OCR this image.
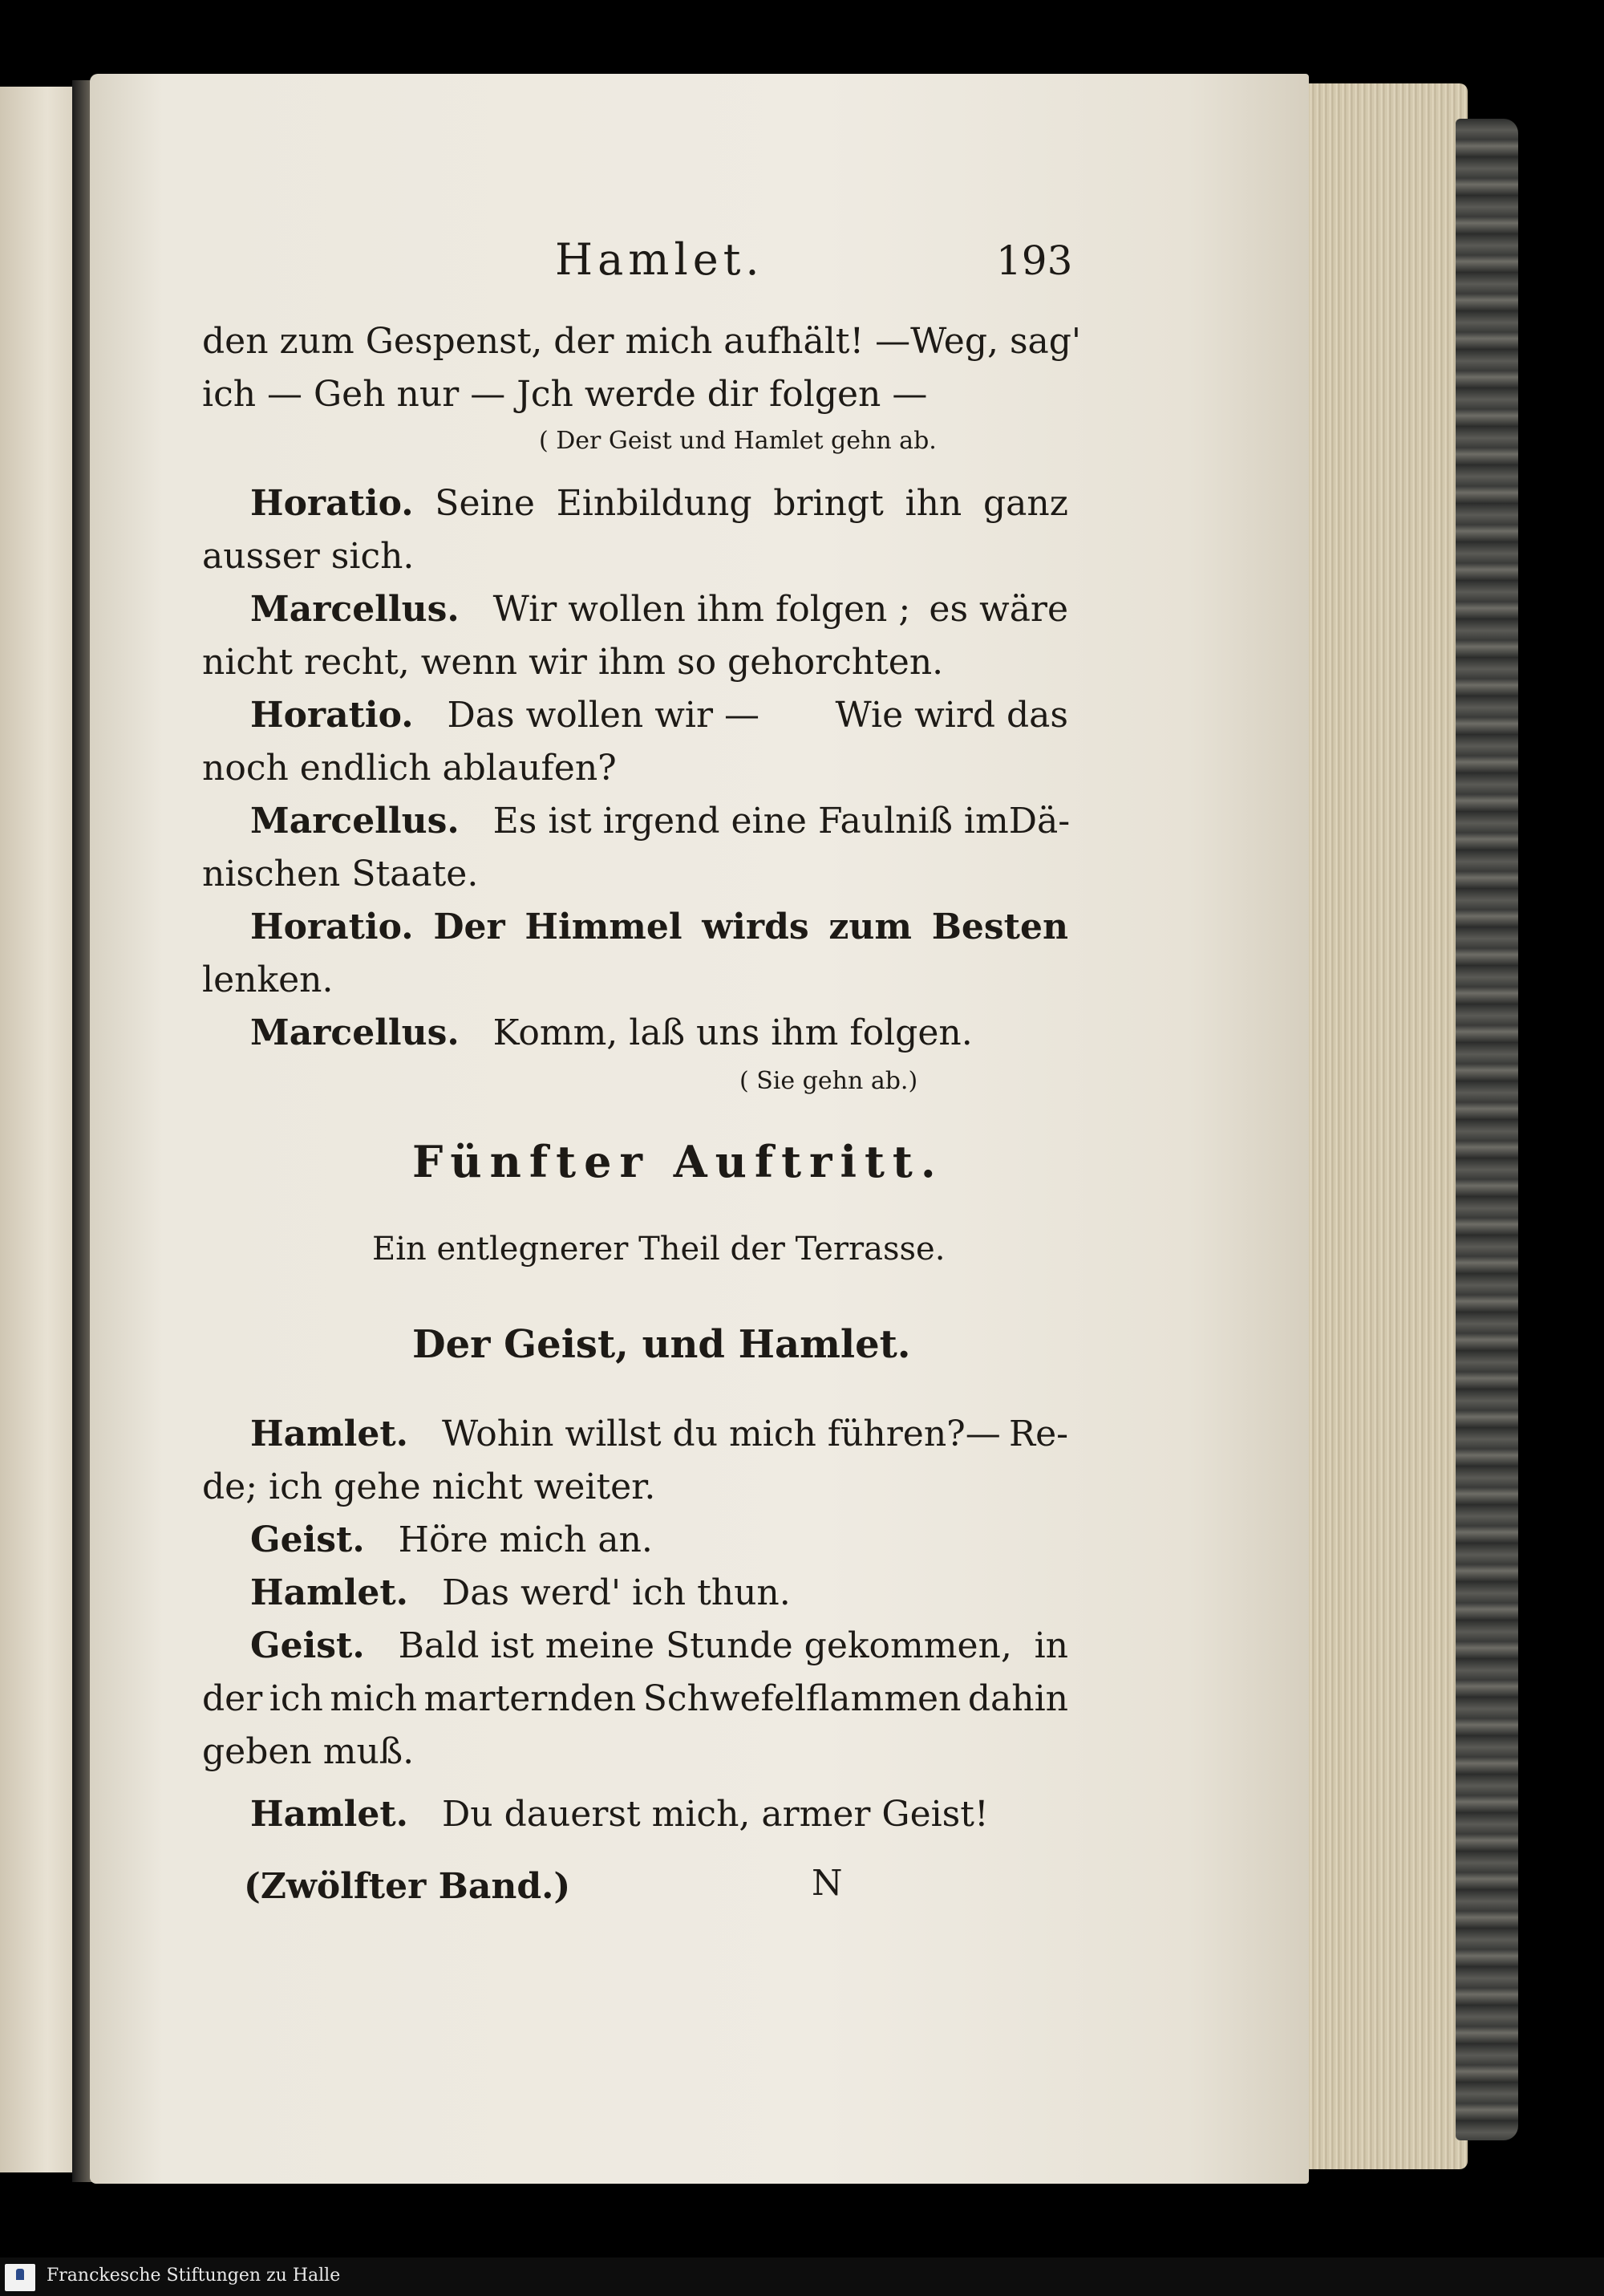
Hamlet.	193
den zum Gespenst, der mich aufhält! — Weg, sag'
ich — Geh nur — Jch werde dir folgen —
( Der Geist und Hamlet gehn ab.
Horatio. Seine Einbildung bringt ihn ganz
ausser sich.
Marcellus. Wir wollen ihm folgen ; es wäre
nicht recht, wenn wir ihm so gehorchten.
Horatio. Das wollen wir — Wie wird das
noch endlich ablaufen?
Marcellus. Es ist irgend eine Faulniß im Dä-
nischen Staate.
Horatio. Der Himmel wirds zum Besten
lenken.
Marcellus. Komm, laß uns ihm folgen.
( Sie gehn ab.)
Fünfter Auftritt.
Ein entlegnerer Theil der Terrasse.
Der Geist, und Hamlet.
Hamlet. Wohin willst du mich führen?— Re-
de; ich gehe nicht weiter.
Geist. Höre mich an.
Hamlet. Das werd' ich thun.
Geist. Bald ist meine Stunde gekommen, in
der ich mich marternden Schwefelflammen dahin
geben muß.
Hamlet. Du dauerst mich, armer Geist!
(Zwölfter Band.)	N
Franckesche Stiftungen zu Halle
